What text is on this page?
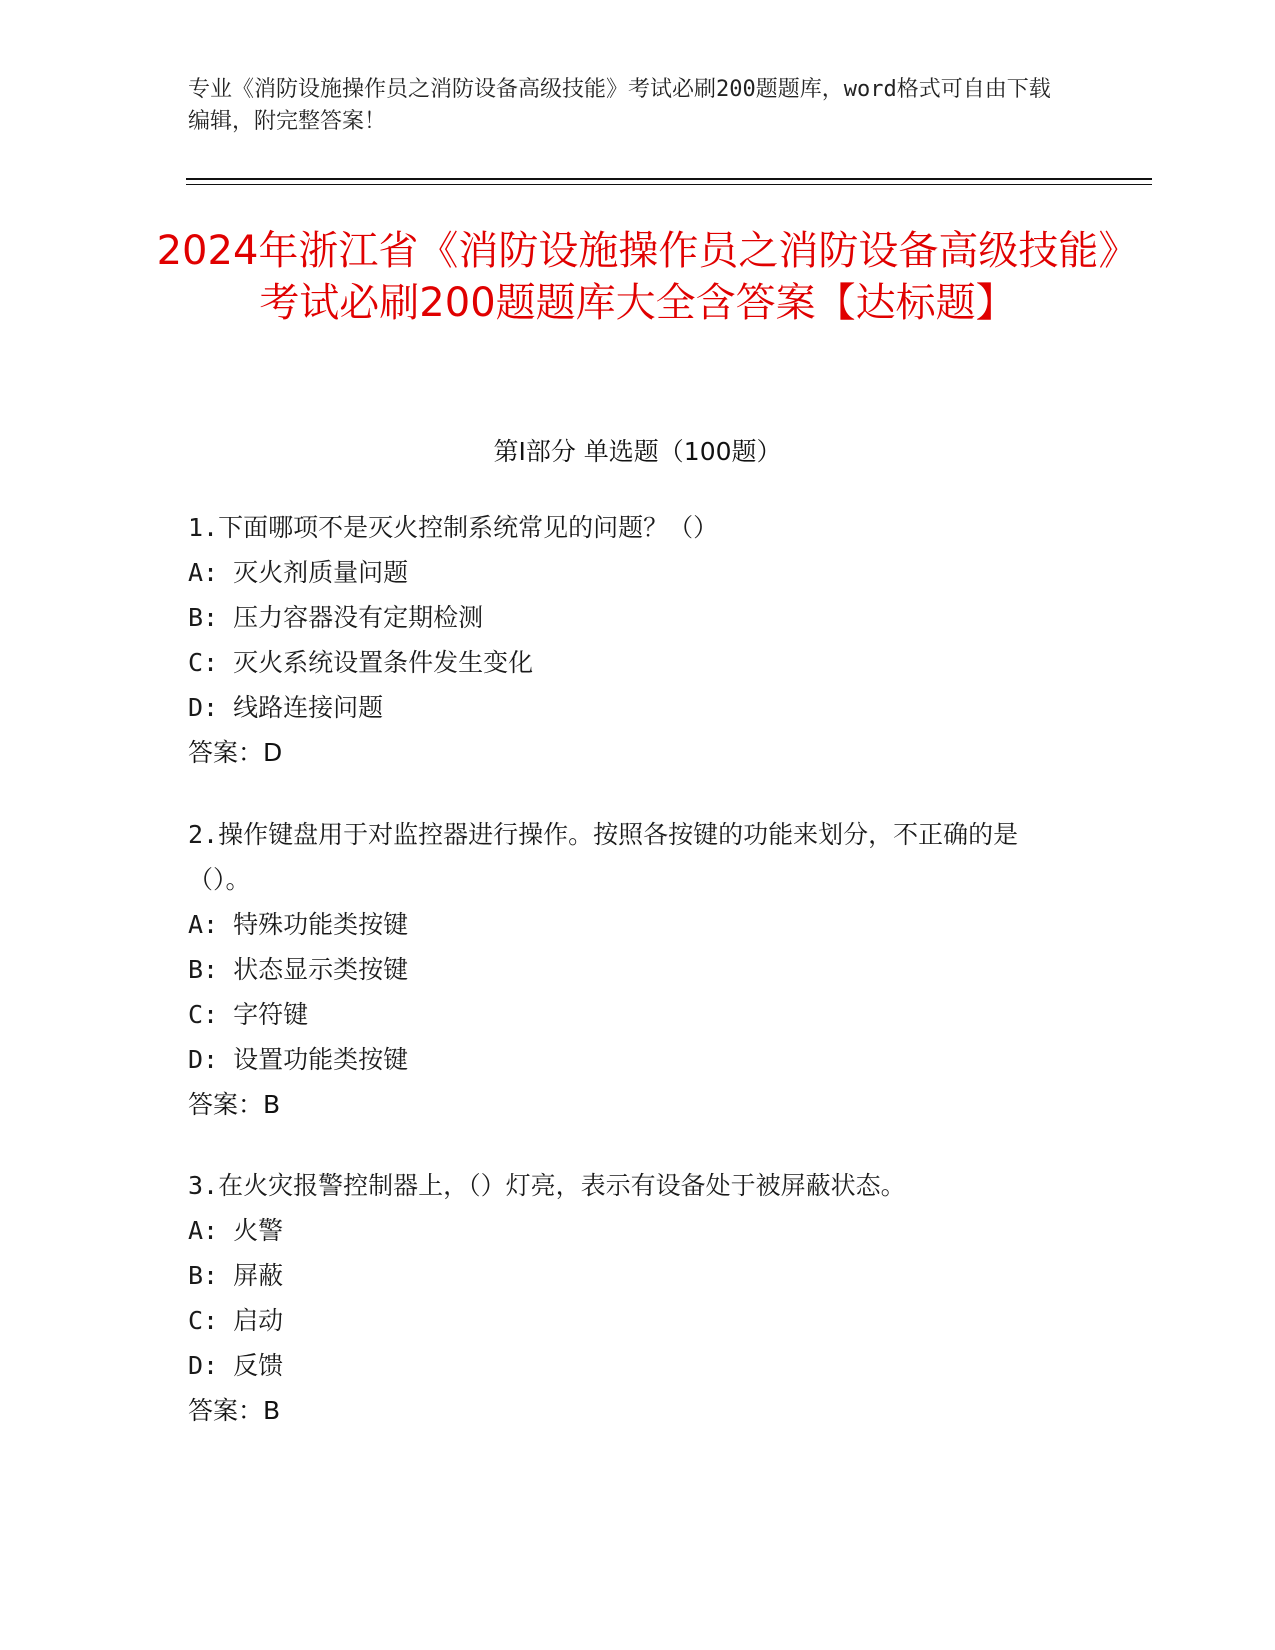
专业《消防设施操作员之消防设备高级技能》考试必刷200题题库，word格式可自由下载编辑，附完整答案！

2024年浙江省《消防设施操作员之消防设备高级技能》考试必刷200题题库大全含答案【达标题】
第I部分 单选题（100题）

1.下面哪项不是灭火控制系统常见的问题？（）

A: 灭火剂质量问题

B: 压力容器没有定期检测

C: 灭火系统设置条件发生变化

D: 线路连接问题

答案：D

2.操作键盘用于对监控器进行操作。按照各按键的功能来划分，不正确的是（）。

A: 特殊功能类按键

B: 状态显示类按键

C: 字符键

D: 设置功能类按键

答案：B

3.在火灾报警控制器上，（）灯亮，表示有设备处于被屏蔽状态。

A: 火警

B: 屏蔽

C: 启动

D: 反馈

答案：B
